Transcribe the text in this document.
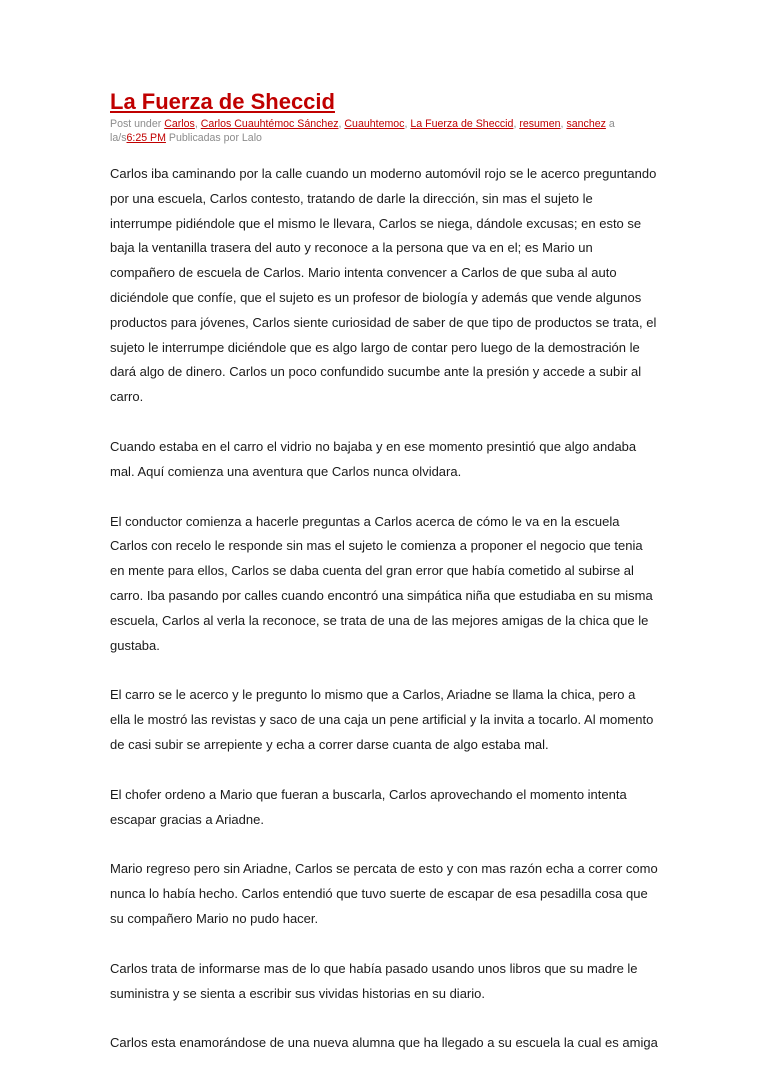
La Fuerza de Sheccid
Post under Carlos, Carlos Cuauhtémoc Sánchez, Cuauhtemoc, La Fuerza de Sheccid, resumen, sanchez a
la/s6:25 PM Publicadas por Lalo

Carlos iba caminando por la calle cuando un moderno automóvil rojo se le acerco preguntando por una escuela, Carlos contesto, tratando de darle la dirección, sin mas el sujeto le interrumpe pidiéndole que el mismo le llevara, Carlos se niega, dándole excusas; en esto se baja la ventanilla trasera del auto y reconoce a la persona que va en el; es Mario un compañero de escuela de Carlos. Mario intenta convencer a Carlos de que suba al auto diciéndole que confíe, que el sujeto es un profesor de biología y además que vende algunos productos para jóvenes, Carlos siente curiosidad de saber de que tipo de productos se trata, el sujeto le interrumpe diciéndole que es algo largo de contar pero luego de la demostración le dará algo de dinero. Carlos un poco confundido sucumbe ante la presión y accede a subir al carro.

Cuando estaba en el carro el vidrio no bajaba y en ese momento presintió que algo andaba mal. Aquí comienza una aventura que Carlos nunca olvidara.

El conductor comienza a hacerle preguntas a Carlos acerca de cómo le va en la escuela Carlos con recelo le responde sin mas el sujeto le comienza a proponer el negocio que tenia en mente para ellos, Carlos se daba cuenta del gran error que había cometido al subirse al carro. Iba pasando por calles cuando encontró una simpática niña que estudiaba en su misma escuela, Carlos al verla la reconoce, se trata de una de las mejores amigas de la chica que le gustaba.

El carro se le acerco y le pregunto lo mismo que a Carlos, Ariadne se llama la chica, pero a ella le mostró las revistas y saco de una caja un pene artificial y la invita a tocarlo. Al momento de casi subir se arrepiente y echa a correr darse cuanta de algo estaba mal.

El chofer ordeno a Mario que fueran a buscarla, Carlos aprovechando el momento intenta escapar gracias a Ariadne.

Mario regreso pero sin Ariadne, Carlos se percata de esto y con mas razón echa a correr como nunca lo había hecho. Carlos entendió que tuvo suerte de escapar de esa pesadilla cosa que su compañero Mario no pudo hacer.

Carlos trata de informarse mas de lo que había pasado usando unos libros que su madre le suministra y se sienta a escribir sus vividas historias en su diario.

Carlos esta enamorándose de una nueva alumna que ha llegado a su escuela la cual es amiga
